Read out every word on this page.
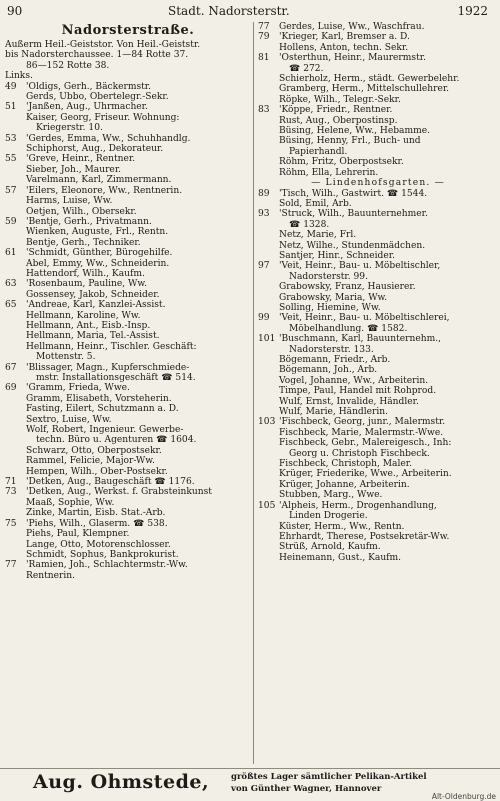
90	Stadt. Nadorsterstr.	1922
Nadorsterstraße.
Außerm Heil.-Geiststor. Von Heil.-Geiststr.
bis Nadorsterchaussee. 1—84 Rotte 37.
86—152 Rotte 38.
Links.
49 'Oldigs, Gerh., Bäckermstr.
Gerds, Ubbo, Obertelegr.-Sekr.
51 'Janßen, Aug., Uhrmacher.
Kaiser, Georg, Friseur. Wohnung:
Kriegerstr. 10.
53 'Gerdes, Emma, Ww., Schuhhandlg.
Schiphorst, Aug., Dekorateur.
55 'Greve, Heinr., Rentner.
Sieber, Joh., Maurer.
Varelmann, Karl, Zimmermann.
57 'Eilers, Eleonore, Ww., Rentnerin.
Harms, Luise, Ww.
Oetjen, Wilh., Obersekr.
59 'Bentje, Gerh., Privatmann.
Wienken, Auguste, Frl., Rentn.
Bentje, Gerh., Techniker.
61 'Schmidt, Günther, Bürogehilfe.
Abel, Emmy, Ww., Schneiderin.
Hattendorf, Wilh., Kaufm.
63 'Rosenbaum, Pauline, Ww.
Gossensey, Jakob, Schneider.
65 'Andreae, Karl, Kanzlei-Assist.
Hellmann, Karoline, Ww.
Hellmann, Ant., Eisb.-Insp.
Hellmann, Maria, Tel.-Assist.
Hellmann, Heinr., Tischler. Geschäft:
Mottenstr. 5.
67 'Blissager, Magn., Kupferschmiede-
mstr. Installationsgeschäft ☎ 514.
69 'Gramm, Frieda, Wwe.
Gramm, Elisabeth, Vorsteherin.
Fasting, Eilert, Schutzmann a. D.
Sextro, Luise, Ww.
Wolf, Robert, Ingenieur. Gewerbe-
techn. Büro u. Agenturen ☎ 1604.
Schwarz, Otto, Oberpostsekr.
Rammel, Felicie, Major-Ww.
Hempen, Wilh., Ober-Postsekr.
71 'Detken, Aug., Baugeschäft ☎ 1176.
73 'Detken, Aug., Werkst. f. Grabsteinkunst
Maaß, Sophie, Ww.
Zinke, Martin, Eisb. Stat.-Arb.
75 'Piehs, Wilh., Glaserm. ☎ 538.
Piehs, Paul, Klempner.
Lange, Otto, Motorenschlosser.
Schmidt, Sophus, Bankprokurist.
77 'Ramien, Joh., Schlachtermstr.-Ww.
Rentnerin.
77 Gerdes, Luise, Ww., Waschfrau.
79 'Krieger, Karl, Bremser a. D.
Hollens, Anton, techn. Sekr.
81 'Osterthun, Heinr., Maurermstr.
☎ 272.
Schierholz, Herm., städt. Gewerbelehr.
Gramberg, Herm., Mittelschullehrer.
Röpke, Wilh., Telegr.-Sekr.
83 'Köppe, Friedr., Rentner.
Rust, Aug., Oberpostinsp.
Büsing, Helene, Ww., Hebamme.
Büsing, Henny, Frl., Buch- und
Papierhandl.
Röhm, Fritz, Oberpostsekr.
Röhm, Ella, Lehrerin.
— Lindenhofsgarten. —
89 'Tisch, Wilh., Gastwirt. ☎ 1544.
Sold, Emil, Arb.
93 'Struck, Wilh., Bauunternehmer.
☎ 1328.
Netz, Marie, Frl.
Netz, Wilhe., Stundenmädchen.
Santjer, Hinr., Schneider.
97 'Veit, Heinr., Bau- u. Möbeltischler,
Nadorsterstr. 99.
Grabowsky, Franz, Hausierer.
Grabowsky, Maria, Ww.
Solling, Hiemine, Ww.
99 'Veit, Heinr., Bau- u. Möbeltischlerei,
Möbelhandlung. ☎ 1582.
101 'Buschmann, Karl, Bauunternehm.,
Nadorsterstr. 133.
Bögemann, Friedr., Arb.
Bögemann, Joh., Arb.
Vogel, Johanne, Ww., Arbeiterin.
Timpe, Paul, Handel mit Rohprod.
Wulf, Ernst, Invalide, Händler.
Wulf, Marie, Händlerin.
103 'Fischbeck, Georg, junr., Malermstr.
Fischbeck, Marie, Malermstr.-Wwe.
Fischbeck, Gebr., Malereigesch., Inh:
Georg u. Christoph Fischbeck.
Fischbeck, Christoph, Maler.
Krüger, Friederike, Wwe., Arbeiterin.
Krüger, Johanne, Arbeiterin.
Stubben, Marg., Wwe.
105 'Alpheis, Herm., Drogenhandlung,
Linden Drogerie.
Küster, Herm., Ww., Rentn.
Ehrhardt, Therese, Postsekretär-Ww.
Strüß, Arnold, Kaufm.
Heinemann, Gust., Kaufm.
Aug. Ohmstede,	größtes Lager sämtlicher Pelikan-Artikel
von Günther Wagner, Hannover
Alt-Oldenburg.de
